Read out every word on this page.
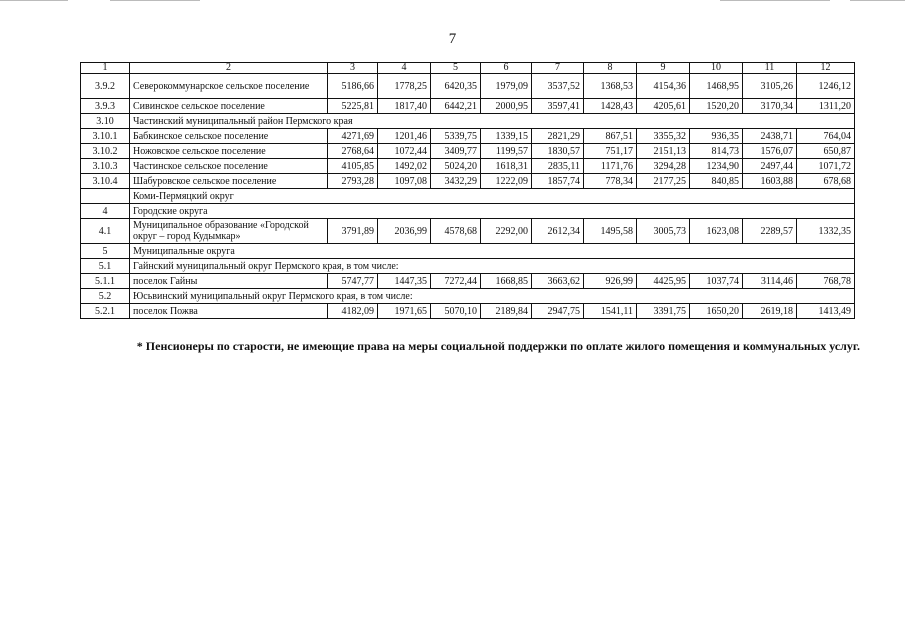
7
1	2	3	4	5	6	7	8	9	10	11	12
3.9.2	Северокоммунарское сельское поселение	5186,66	1778,25	6420,35	1979,09	3537,52	1368,53	4154,36	1468,95	3105,26	1246,12
3.9.3	Сивинское сельское поселение	5225,81	1817,40	6442,21	2000,95	3597,41	1428,43	4205,61	1520,20	3170,34	1311,20
3.10	Частинский муниципальный район Пермского края										
3.10.1	Бабкинское сельское поселение	4271,69	1201,46	5339,75	1339,15	2821,29	867,51	3355,32	936,35	2438,71	764,04
3.10.2	Ножовское сельское поселение	2768,64	1072,44	3409,77	1199,57	1830,57	751,17	2151,13	814,73	1576,07	650,87
3.10.3	Частинское сельское поселение	4105,85	1492,02	5024,20	1618,31	2835,11	1171,76	3294,28	1234,90	2497,44	1071,72
3.10.4	Шабуровское сельское поселение	2793,28	1097,08	3432,29	1222,09	1857,74	778,34	2177,25	840,85	1603,88	678,68
	Коми-Пермяцкий округ										
4	Городские округа										
4.1	Муниципальное образование «Городской округ – город Кудымкар»	3791,89	2036,99	4578,68	2292,00	2612,34	1495,58	3005,73	1623,08	2289,57	1332,35
5	Муниципальные округа										
5.1	Гайнский муниципальный округ Пермского края, в том числе:										
5.1.1	поселок Гайны	5747,77	1447,35	7272,44	1668,85	3663,62	926,99	4425,95	1037,74	3114,46	768,78
5.2	Юсьвинский муниципальный округ Пермского края, в том числе:										
5.2.1	поселок Пожва	4182,09	1971,65	5070,10	2189,84	2947,75	1541,11	3391,75	1650,20	2619,18	1413,49
* Пенсионеры по старости, не имеющие права на меры социальной поддержки по оплате жилого помещения и коммунальных услуг.
